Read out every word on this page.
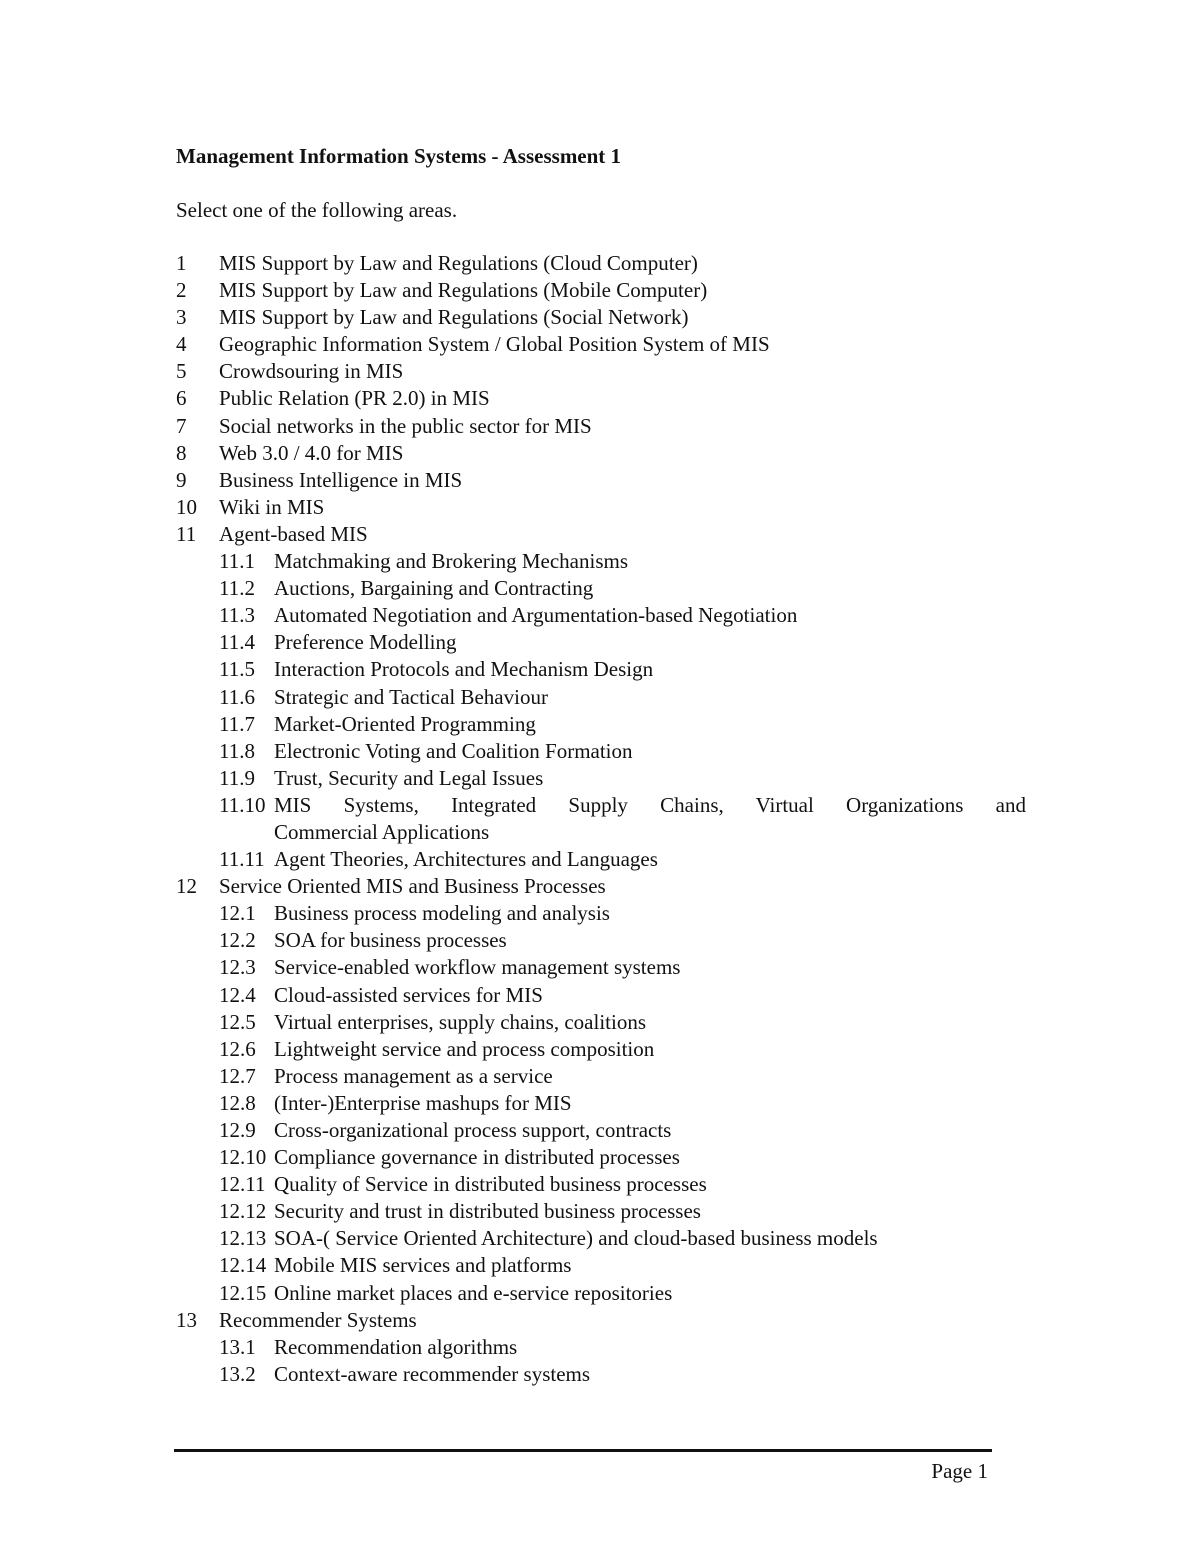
Management Information Systems - Assessment 1
Select one of the following areas.
1 MIS Support by Law and Regulations (Cloud Computer)
2 MIS Support by Law and Regulations (Mobile Computer)
3 MIS Support by Law and Regulations (Social Network)
4 Geographic Information System / Global Position System of MIS
5 Crowdsouring in MIS
6 Public Relation (PR 2.0) in MIS
7 Social networks in the public sector for MIS
8 Web 3.0 / 4.0 for MIS
9 Business Intelligence in MIS
10 Wiki in MIS
11 Agent-based MIS
11.1 Matchmaking and Brokering Mechanisms
11.2 Auctions, Bargaining and Contracting
11.3 Automated Negotiation and Argumentation-based Negotiation
11.4 Preference Modelling
11.5 Interaction Protocols and Mechanism Design
11.6 Strategic and Tactical Behaviour
11.7 Market-Oriented Programming
11.8 Electronic Voting and Coalition Formation
11.9 Trust, Security and Legal Issues
11.10 MIS Systems, Integrated Supply Chains, Virtual Organizations and
Commercial Applications
11.11 Agent Theories, Architectures and Languages
12 Service Oriented MIS and Business Processes
12.1 Business process modeling and analysis
12.2 SOA for business processes
12.3 Service-enabled workflow management systems
12.4 Cloud-assisted services for MIS
12.5 Virtual enterprises, supply chains, coalitions
12.6 Lightweight service and process composition
12.7 Process management as a service
12.8 (Inter-)Enterprise mashups for MIS
12.9 Cross-organizational process support, contracts
12.10 Compliance governance in distributed processes
12.11 Quality of Service in distributed business processes
12.12 Security and trust in distributed business processes
12.13 SOA-( Service Oriented Architecture) and cloud-based business models
12.14 Mobile MIS services and platforms
12.15 Online market places and e-service repositories
13 Recommender Systems
13.1 Recommendation algorithms
13.2 Context-aware recommender systems
Page 1
